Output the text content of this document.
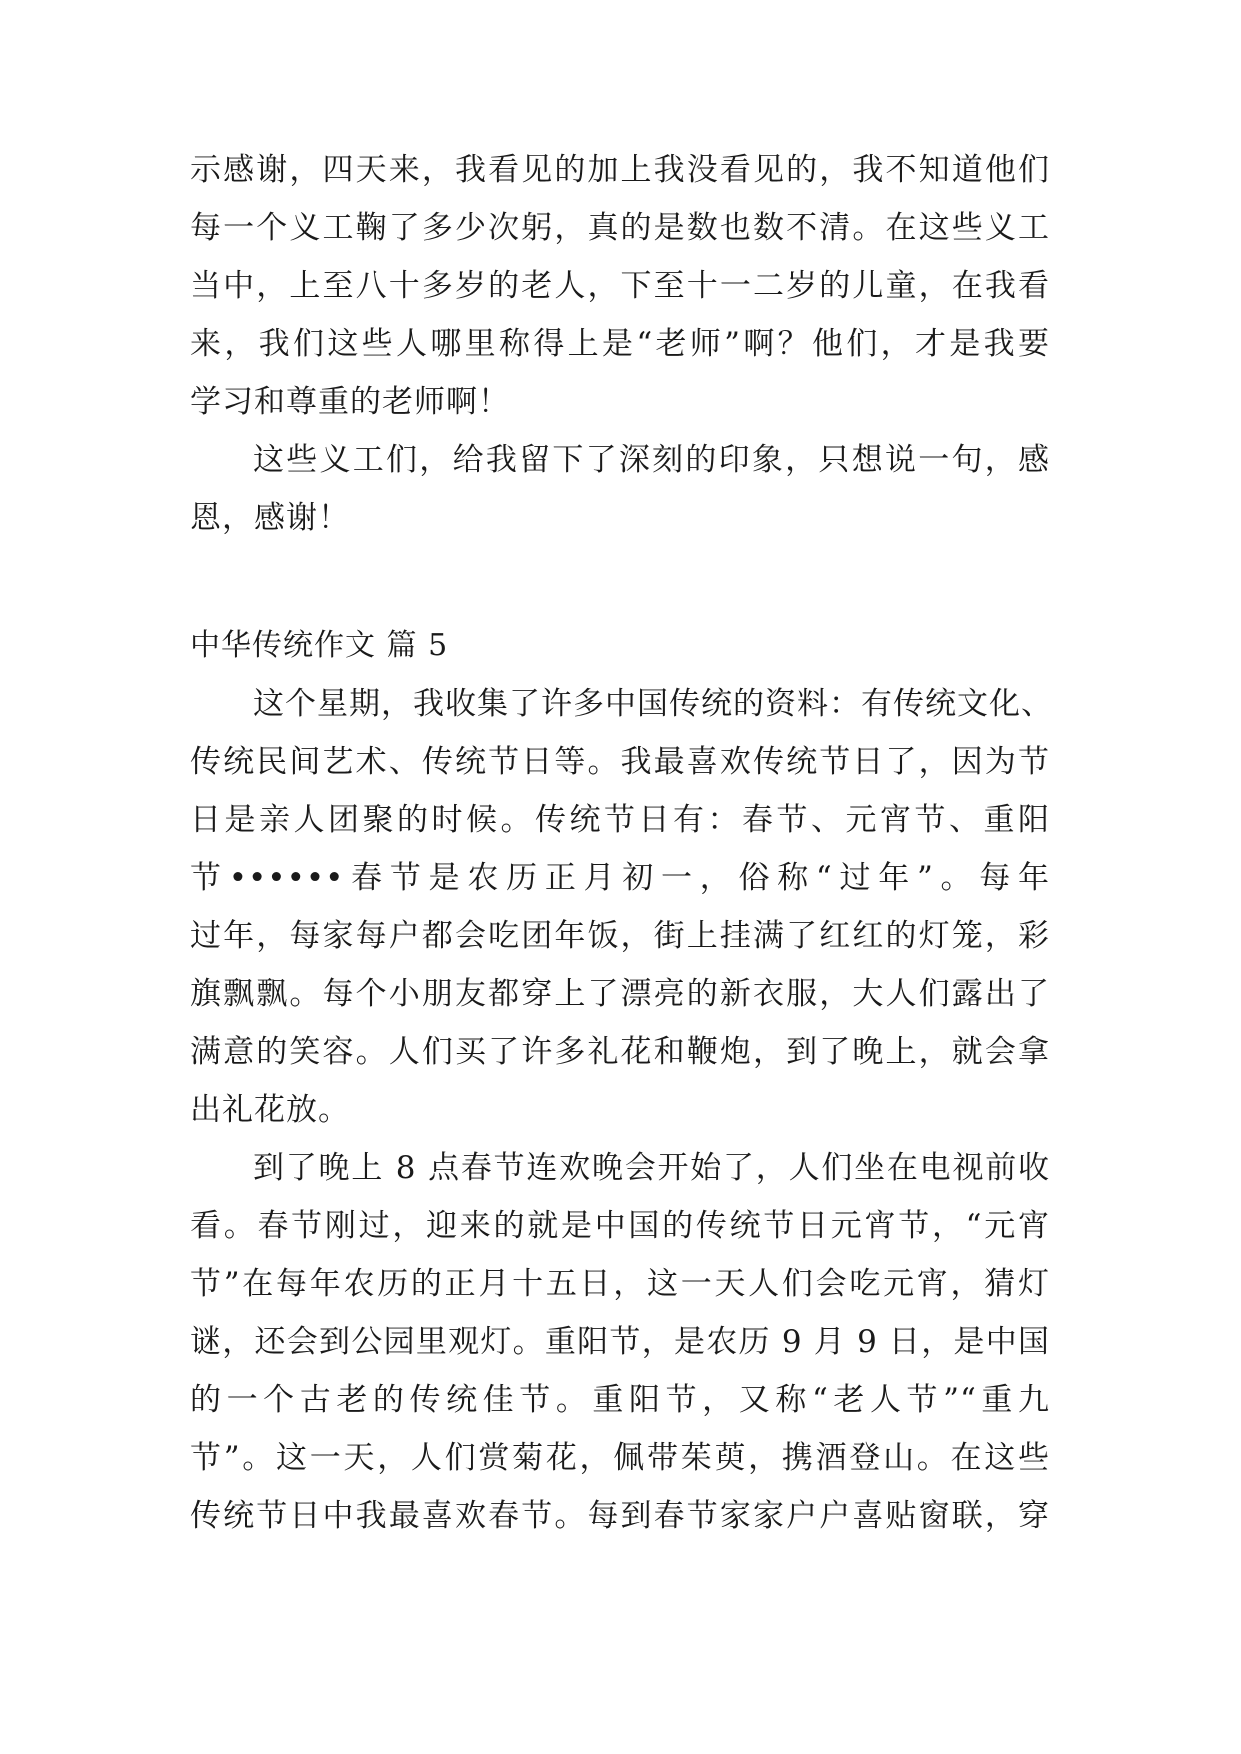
示感谢，四天来，我看见的加上我没看见的，我不知道他们
每一个义工鞠了多少次躬，真的是数也数不清。在这些义工
当中，上至八十多岁的老人，下至十一二岁的儿童，在我看
来，我们这些人哪里称得上是“老师”啊？他们，才是我要
学习和尊重的老师啊！
这些义工们，给我留下了深刻的印象，只想说一句，感
恩，感谢！
中华传统作文 篇 5
这个星期，我收集了许多中国传统的资料：有传统文化、
传统民间艺术、传统节日等。我最喜欢传统节日了，因为节
日是亲人团聚的时候。传统节日有：春节、元宵节、重阳
节••••••春节是农历正月初一，俗称“过年”。每年
过年，每家每户都会吃团年饭，街上挂满了红红的灯笼，彩
旗飘飘。每个小朋友都穿上了漂亮的新衣服，大人们露出了
满意的笑容。人们买了许多礼花和鞭炮，到了晚上，就会拿
出礼花放。
到了晚上 8 点春节连欢晚会开始了，人们坐在电视前收
看。春节刚过，迎来的就是中国的传统节日元宵节，“元宵
节”在每年农历的正月十五日，这一天人们会吃元宵，猜灯
谜，还会到公园里观灯。重阳节，是农历 9 月 9 日，是中国
的一个古老的传统佳节。重阳节，又称“老人节”“重九
节”。这一天，人们赏菊花，佩带茱萸，携酒登山。在这些
传统节日中我最喜欢春节。每到春节家家户户喜贴窗联，穿
